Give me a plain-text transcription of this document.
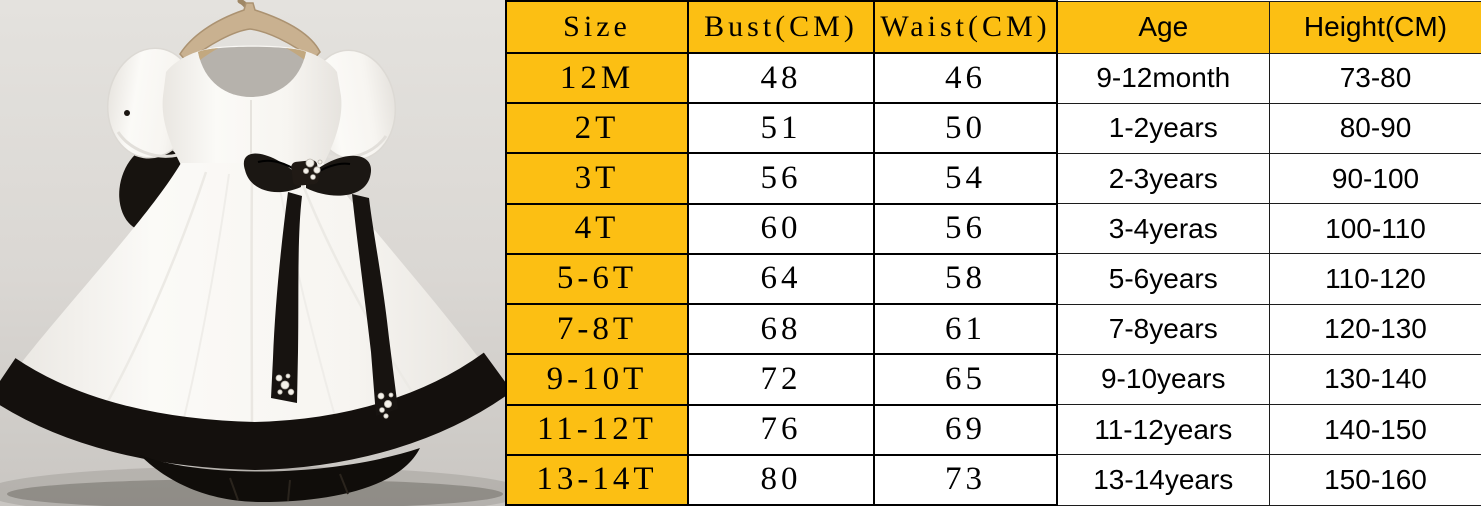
Size	Bust(CM)	Waist(CM)	Age	Height(CM)
12M	48	46	9-12month	73-80
2T	51	50	1-2years	80-90
3T	56	54	2-3years	90-100
4T	60	56	3-4yeras	100-110
5-6T	64	58	5-6years	110-120
7-8T	68	61	7-8years	120-130
9-10T	72	65	9-10years	130-140
11-12T	76	69	11-12years	140-150
13-14T	80	73	13-14years	150-160
